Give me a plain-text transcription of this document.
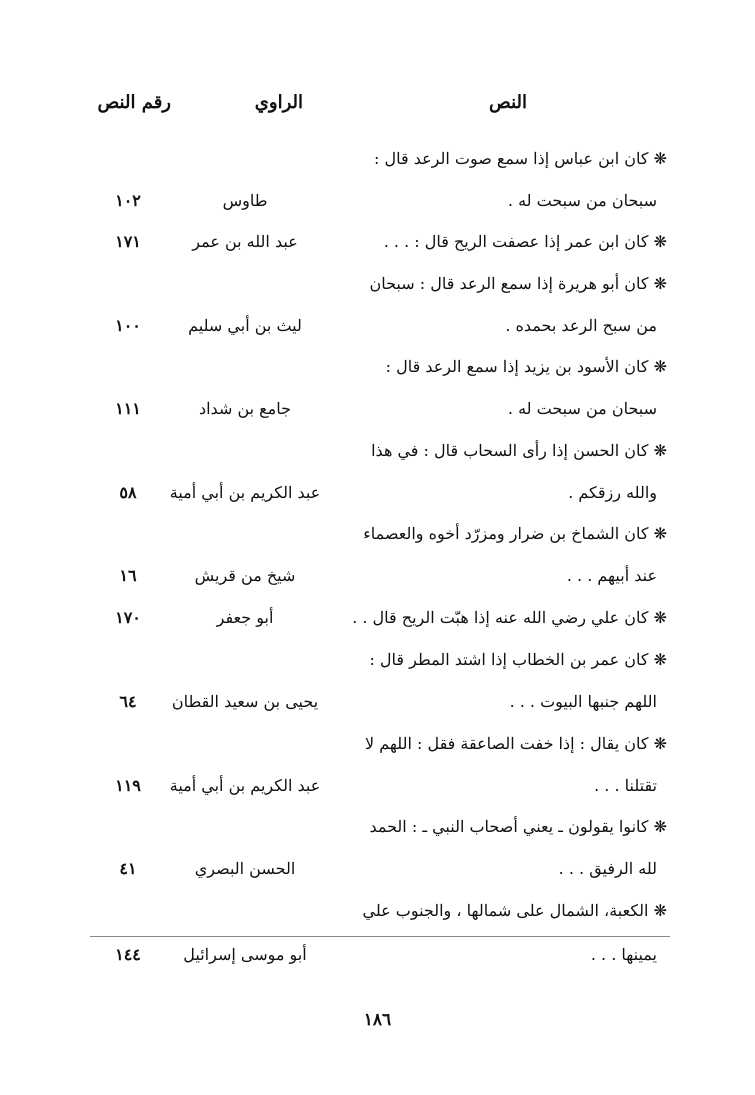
رقم النص	الراوي	النص
❋ كان ابن عباس إذا سمع صوت الرعد قال :
سبحان من سبحت له .
طاوس
١٠٢
❋ كان ابن عمر إذا عصفت الريح قال : . . .
عبد الله بن عمر
١٧١
❋ كان أبو هريرة إذا سمع الرعد قال : سبحان
من سبح الرعد بحمده .
ليث بن أبي سليم
١٠٠
❋ كان الأسود بن يزيد إذا سمع الرعد قال :
سبحان من سبحت له .
جامع بن شداد
١١١
❋ كان الحسن إذا رأى السحاب قال : في هذا
والله رزقكم .
عبد الكريم بن أبي أمية
٥٨
❋ كان الشماخ بن ضرار ومزرّد أخوه والعصماء
عند أبيهم . . .
شيخ من قريش
١٦
❋ كان علي رضي الله عنه إذا هبّت الريح قال . .
أبو جعفر
١٧٠
❋ كان عمر بن الخطاب إذا اشتد المطر قال :
اللهم جنبها البيوت . . .
يحيى بن سعيد القطان
٦٤
❋ كان يقال : إذا خفت الصاعقة فقل : اللهم لا
تقتلنا . . .
عبد الكريم بن أبي أمية
١١٩
❋ كانوا يقولون ـ يعني أصحاب النبي ـ : الحمد
لله الرفيق . . .
الحسن البصري
٤١
❋ الكعبة، الشمال على شمالها ، والجنوب علي
يمينها . . .
أبو موسى إسرائيل
١٤٤
١٨٦
